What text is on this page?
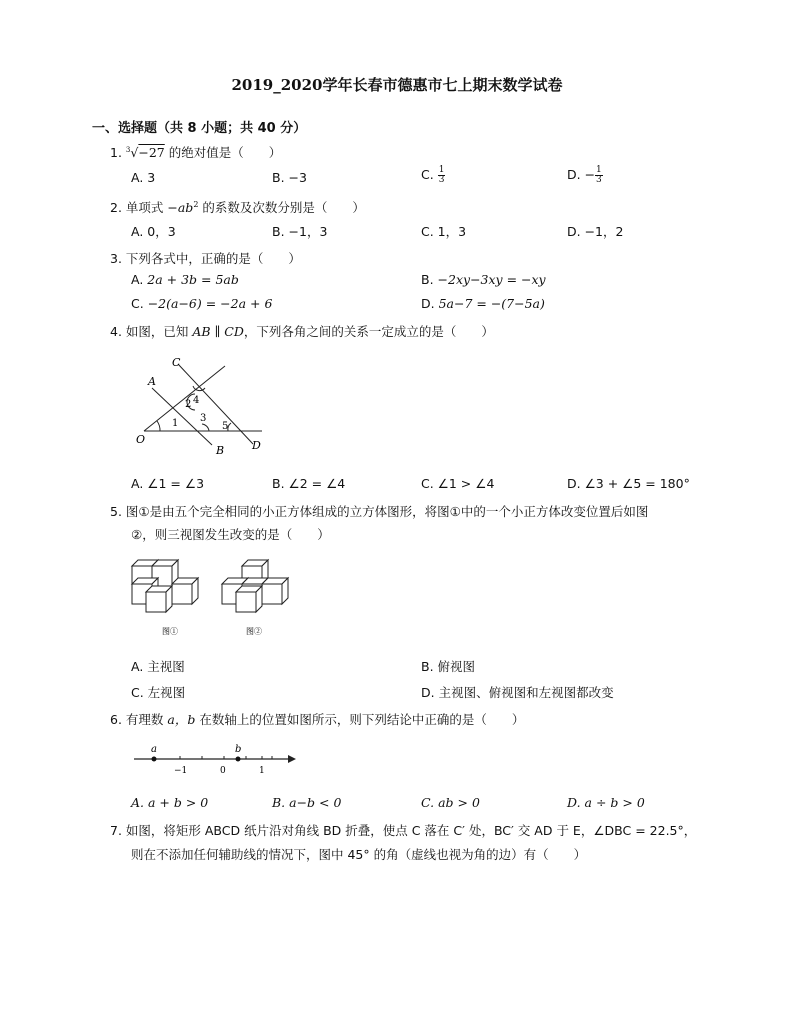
2019_2020学年长春市德惠市七上期末数学试卷
一、选择题（共 8 小题；共 40 分）
1. $^3$√−27 的绝对值是（　　）
A. 3	B. −3	C. $\frac{1}{3}$	D. − $\frac{1}{3}$
2. 单项式 $-ab^2$ 的系数及次数分别是（　　）
A. 0，3	B. −1，3	C. 1，3	D. −1，2
3. 下列各式中，正确的是（　　）
A. 2a + 3b = 5ab	B. −2xy−3xy = −xy
C. −2(a−6) = −2a + 6	D. 5a−7 = −(7−5a)
4. 如图，已知 AB ∥ CD，下列各角之间的关系一定成立的是（　　）
C
A
O
B	D
1
2
3
4
5
A. ∠1 = ∠3	B. ∠2 = ∠4	C. ∠1 > ∠4	D. ∠3 + ∠5 = 180°
5. 图①是由五个完全相同的小正方体组成的立方体图形，将图①中的一个小正方体改变位置后如图
②，则三视图发生改变的是（　　）
图①	图②
A. 主视图	B. 俯视图
C. 左视图	D. 主视图、俯视图和左视图都改变
6. 有理数 a，b 在数轴上的位置如图所示，则下列结论中正确的是（　　）
a	b
−1	0	1
A. a + b > 0	B. a−b < 0	C. ab > 0	D. a ÷ b > 0
7. 如图，将矩形 ABCD 纸片沿对角线 BD 折叠，使点 C 落在 C′ 处，BC′ 交 AD 于 E，∠DBC = 22.5°，
则在不添加任何辅助线的情况下，图中 45° 的角（虚线也视为角的边）有（　　）
